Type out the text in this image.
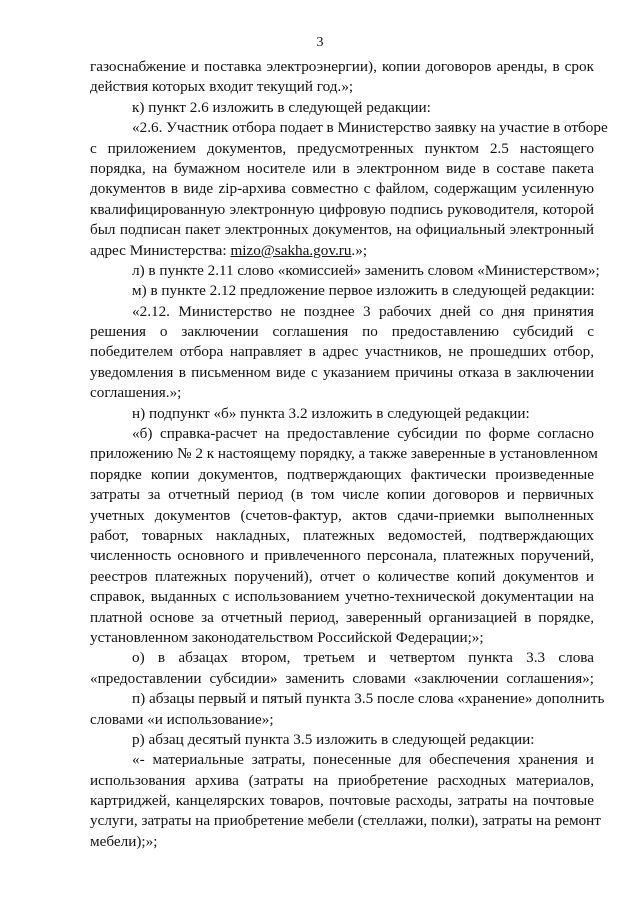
3
газоснабжение и поставка электроэнергии), копии договоров аренды, в срок
действия которых входит текущий год.»;
к) пункт 2.6 изложить в следующей редакции:
«2.6. Участник отбора подает в Министерство заявку на участие в отборе
с приложением документов, предусмотренных пунктом 2.5 настоящего
порядка, на бумажном носителе или в электронном виде в составе пакета
документов в виде zip-архива совместно с файлом, содержащим усиленную
квалифицированную электронную цифровую подпись руководителя, которой
был подписан пакет электронных документов, на официальный электронный
адрес Министерства: mizo@sakha.gov.ru.»;
л) в пункте 2.11 слово «комиссией» заменить словом «Министерством»;
м) в пункте 2.12 предложение первое изложить в следующей редакции:
«2.12. Министерство не позднее 3 рабочих дней со дня принятия
решения о заключении соглашения по предоставлению субсидий с
победителем отбора направляет в адрес участников, не прошедших отбор,
уведомления в письменном виде с указанием причины отказа в заключении
соглашения.»;
н) подпункт «б» пункта 3.2 изложить в следующей редакции:
«б) справка-расчет на предоставление субсидии по форме согласно
приложению № 2 к настоящему порядку, а также заверенные в установленном
порядке копии документов, подтверждающих фактически произведенные
затраты за отчетный период (в том числе копии договоров и первичных
учетных документов (счетов-фактур, актов сдачи-приемки выполненных
работ, товарных накладных, платежных ведомостей, подтверждающих
численность основного и привлеченного персонала, платежных поручений,
реестров платежных поручений), отчет о количестве копий документов и
справок, выданных с использованием учетно-технической документации на
платной основе за отчетный период, заверенный организацией в порядке,
установленном законодательством Российской Федерации;»;
о) в абзацах втором, третьем и четвертом пункта 3.3 слова
«предоставлении субсидии» заменить словами «заключении соглашения»;
п) абзацы первый и пятый пункта 3.5 после слова «хранение» дополнить
словами «и использование»;
р) абзац десятый пункта 3.5 изложить в следующей редакции:
«- материальные затраты, понесенные для обеспечения хранения и
использования архива (затраты на приобретение расходных материалов,
картриджей, канцелярских товаров, почтовые расходы, затраты на почтовые
услуги, затраты на приобретение мебели (стеллажи, полки), затраты на ремонт
мебели);»;
